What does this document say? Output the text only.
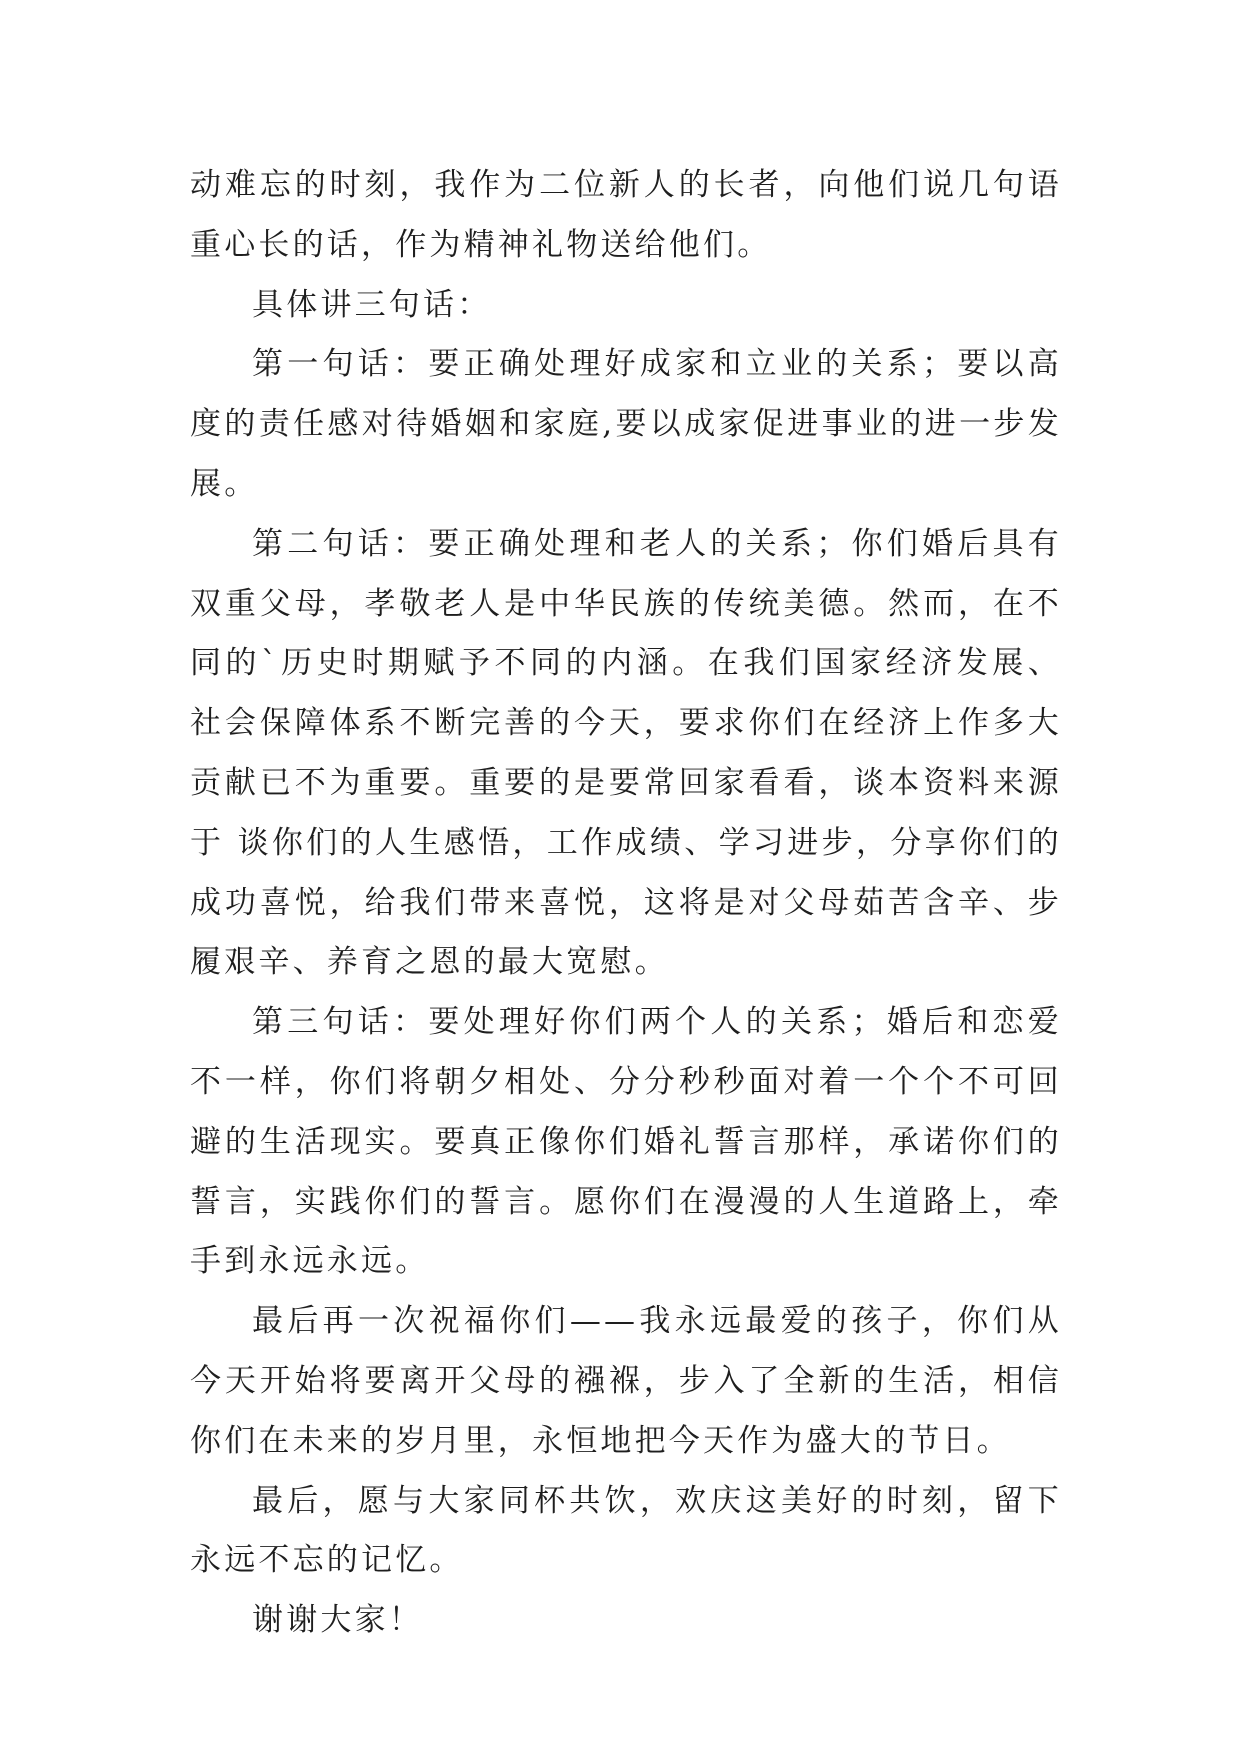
动难忘的时刻，我作为二位新人的长者，向他们说几句语重心长的话，作为精神礼物送给他们。

具体讲三句话：

第一句话：要正确处理好成家和立业的关系；要以高度的责任感对待婚姻和家庭,要以成家促进事业的进一步发展。

第二句话：要正确处理和老人的关系；你们婚后具有双重父母，孝敬老人是中华民族的传统美德。然而，在不同的`历史时期赋予不同的内涵。在我们国家经济发展、社会保障体系不断完善的今天，要求你们在经济上作多大贡献已不为重要。重要的是要常回家看看，谈本资料来源于 谈你们的人生感悟，工作成绩、学习进步，分享你们的成功喜悦，给我们带来喜悦，这将是对父母茹苦含辛、步履艰辛、养育之恩的最大宽慰。

第三句话：要处理好你们两个人的关系；婚后和恋爱不一样，你们将朝夕相处、分分秒秒面对着一个个不可回避的生活现实。要真正像你们婚礼誓言那样，承诺你们的誓言，实践你们的誓言。愿你们在漫漫的人生道路上，牵手到永远永远。

最后再一次祝福你们——我永远最爱的孩子，你们从今天开始将要离开父母的襁褓，步入了全新的生活，相信你们在未来的岁月里，永恒地把今天作为盛大的节日。

最后，愿与大家同杯共饮，欢庆这美好的时刻，留下永远不忘的记忆。

谢谢大家！
